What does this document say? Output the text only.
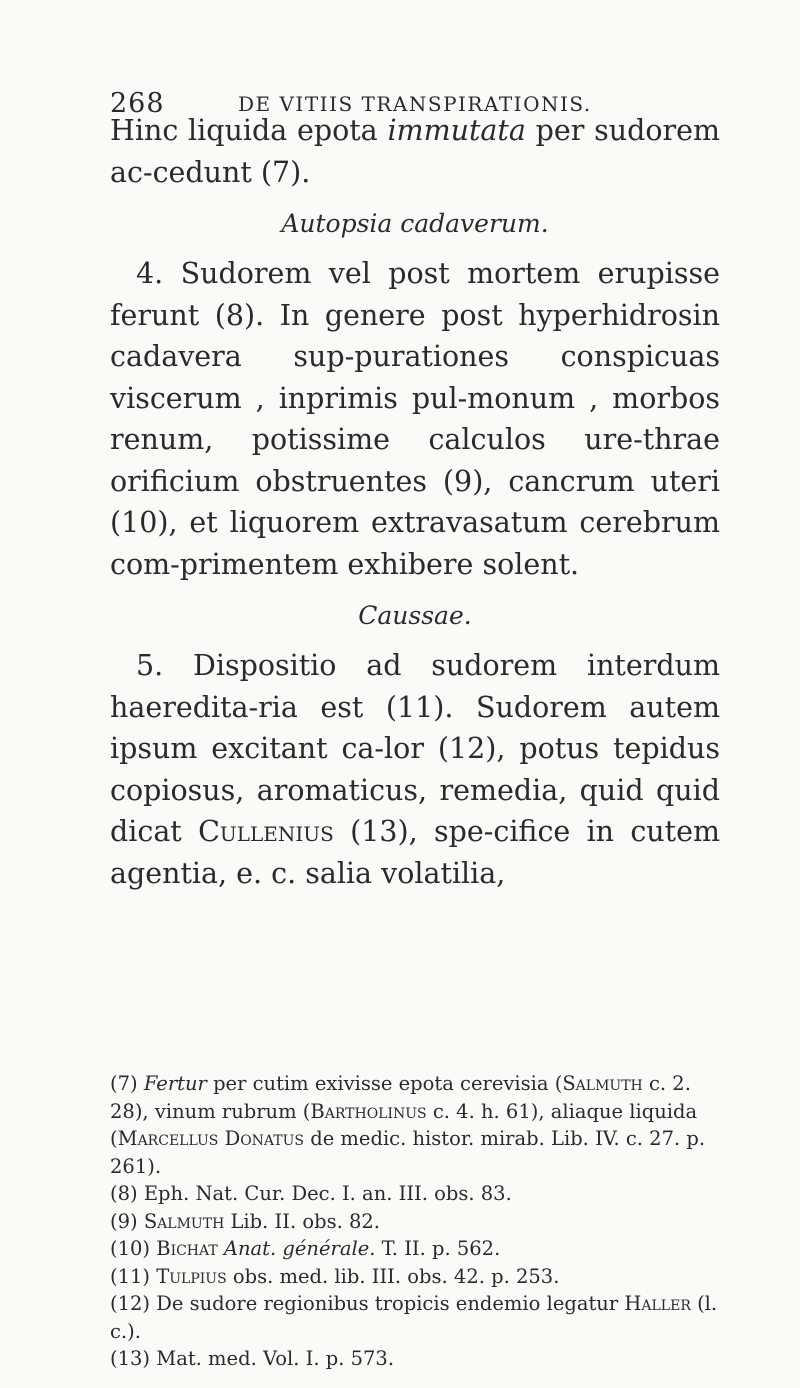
268	DE VITIIS TRANSPIRATIONIS.

Hinc liquida epota immutata per sudorem ac-cedunt (7).

Autopsia cadaverum.

4. Sudorem vel post mortem erupisse ferunt (8). In genere post hyperhidrosin cadavera sup-purationes conspicuas viscerum , inprimis pul-monum , morbos renum, potissime calculos ure-thrae orificium obstruentes (9), cancrum uteri (10), et liquorem extravasatum cerebrum com-primentem exhibere solent.

Caussae.

5. Dispositio ad sudorem interdum haeredita-ria est (11). Sudorem autem ipsum excitant ca-lor (12), potus tepidus copiosus, aromaticus, remedia, quid quid dicat Cullenius (13), spe-cifice in cutem agentia, e. c. salia volatilia,

(7) Fertur per cutim exivisse epota cerevisia (Salmuth c. 2. 28), vinum rubrum (Bartholinus c. 4. h. 61), aliaque liquida (Marcellus Donatus de medic. histor. mirab. Lib. IV. c. 27. p. 261).

(8) Eph. Nat. Cur. Dec. I. an. III. obs. 83.

(9) Salmuth Lib. II. obs. 82.

(10) Bichat Anat. générale. T. II. p. 562.

(11) Tulpius obs. med. lib. III. obs. 42. p. 253.

(12) De sudore regionibus tropicis endemio legatur Haller (l. c.).

(13) Mat. med. Vol. I. p. 573.
